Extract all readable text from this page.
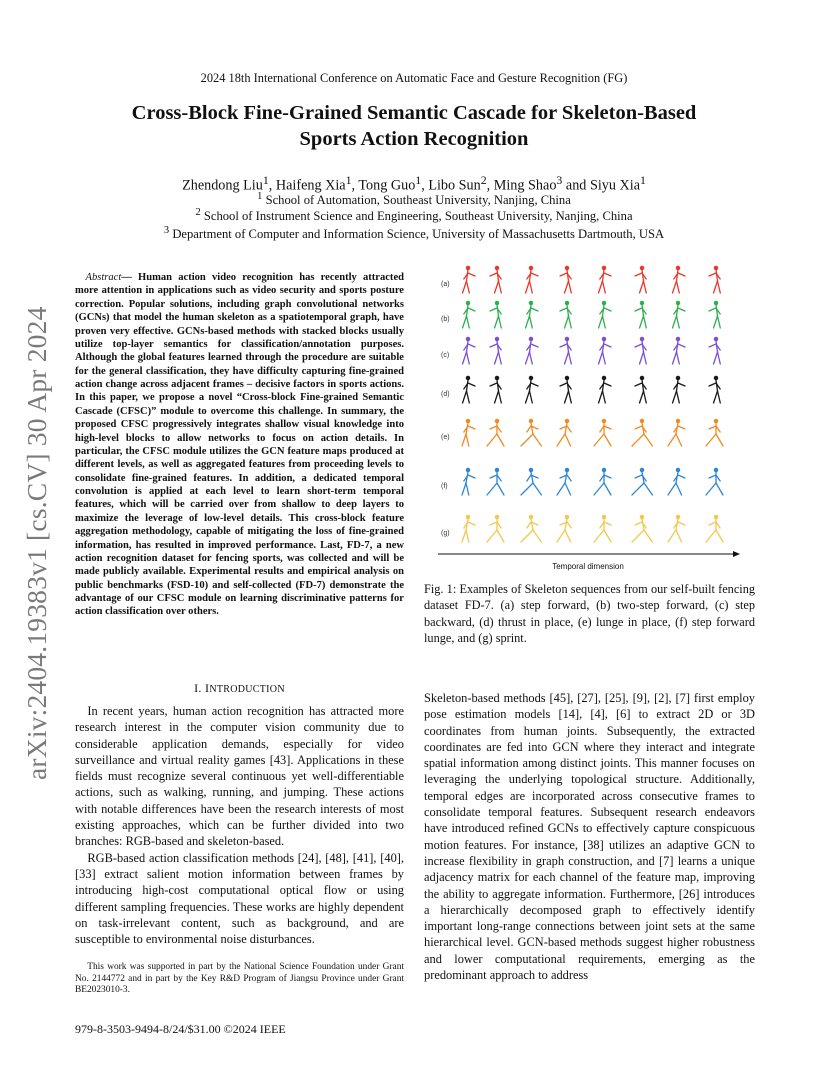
2024 18th International Conference on Automatic Face and Gesture Recognition (FG)
Cross-Block Fine-Grained Semantic Cascade for Skeleton-Based
Sports Action Recognition
Zhendong Liu$^1$, Haifeng Xia$^1$, Tong Guo$^1$, Libo Sun$^2$, Ming Shao$^3$ and Siyu Xia$^1$
$^1$ School of Automation, Southeast University, Nanjing, China
$^2$ School of Instrument Science and Engineering, Southeast University, Nanjing, China
$^3$ Department of Computer and Information Science, University of Massachusetts Dartmouth, USA
arXiv:2404.19383v1 [cs.CV] 30 Apr 2024

Abstract— Human action video recognition has recently attracted more attention in applications such as video security and sports posture correction. Popular solutions, including graph convolutional networks (GCNs) that model the human skeleton as a spatiotemporal graph, have proven very effective. GCNs-based methods with stacked blocks usually utilize top-layer semantics for classification/annotation purposes. Although the global features learned through the procedure are suitable for the general classification, they have difficulty capturing fine-grained action change across adjacent frames – decisive factors in sports actions. In this paper, we propose a novel “Cross-block Fine-grained Semantic Cascade (CFSC)” module to overcome this challenge. In summary, the proposed CFSC progressively integrates shallow visual knowledge into high-level blocks to allow networks to focus on action details. In particular, the CFSC module utilizes the GCN feature maps produced at different levels, as well as aggregated features from proceeding levels to consolidate fine-grained features. In addition, a dedicated temporal convolution is applied at each level to learn short-term temporal features, which will be carried over from shallow to deep layers to maximize the leverage of low-level details. This cross-block feature aggregation methodology, capable of mitigating the loss of fine-grained information, has resulted in improved performance. Last, FD-7, a new action recognition dataset for fencing sports, was collected and will be made publicly available. Experimental results and empirical analysis on public benchmarks (FSD-10) and self-collected (FD-7) demonstrate the advantage of our CFSC module on learning discriminative patterns for action classification over others.

I. INTRODUCTION

In recent years, human action recognition has attracted more research interest in the computer vision community due to considerable application demands, especially for video surveillance and virtual reality games [43]. Applications in these fields must recognize several continuous yet well-differentiable actions, such as walking, running, and jumping. These actions with notable differences have been the research interests of most existing approaches, which can be further divided into two branches: RGB-based and skeleton-based.

RGB-based action classification methods [24], [48], [41], [40], [33] extract salient motion information between frames by introducing high-cost computational optical flow or using different sampling frequencies. These works are highly dependent on task-irrelevant content, such as background, and are susceptible to environmental noise disturbances.

This work was supported in part by the National Science Foundation under Grant No. 2144772 and in part by the Key R&D Program of Jiangsu Province under Grant BE2023010-3.

979-8-3503-9494-8/24/$31.00 ©2024 IEEE
(a)
(b)
(c)
(d)
(e)
(f)
(g)
Temporal dimension
Fig. 1: Examples of Skeleton sequences from our self-built fencing dataset FD-7. (a) step forward, (b) two-step forward, (c) step backward, (d) thrust in place, (e) lunge in place, (f) step forward lunge, and (g) sprint.

Skeleton-based methods [45], [27], [25], [9], [2], [7] first employ pose estimation models [14], [4], [6] to extract 2D or 3D coordinates from human joints. Subsequently, the extracted coordinates are fed into GCN where they interact and integrate spatial information among distinct joints. This manner focuses on leveraging the underlying topological structure. Additionally, temporal edges are incorporated across consecutive frames to consolidate temporal features. Subsequent research endeavors have introduced refined GCNs to effectively capture conspicuous motion features. For instance, [38] utilizes an adaptive GCN to increase flexibility in graph construction, and [7] learns a unique adjacency matrix for each channel of the feature map, improving the ability to aggregate information. Furthermore, [26] introduces a hierarchically decomposed graph to effectively identify important long-range connections between joint sets at the same hierarchical level. GCN-based methods suggest higher robustness and lower computational requirements, emerging as the predominant approach to address
